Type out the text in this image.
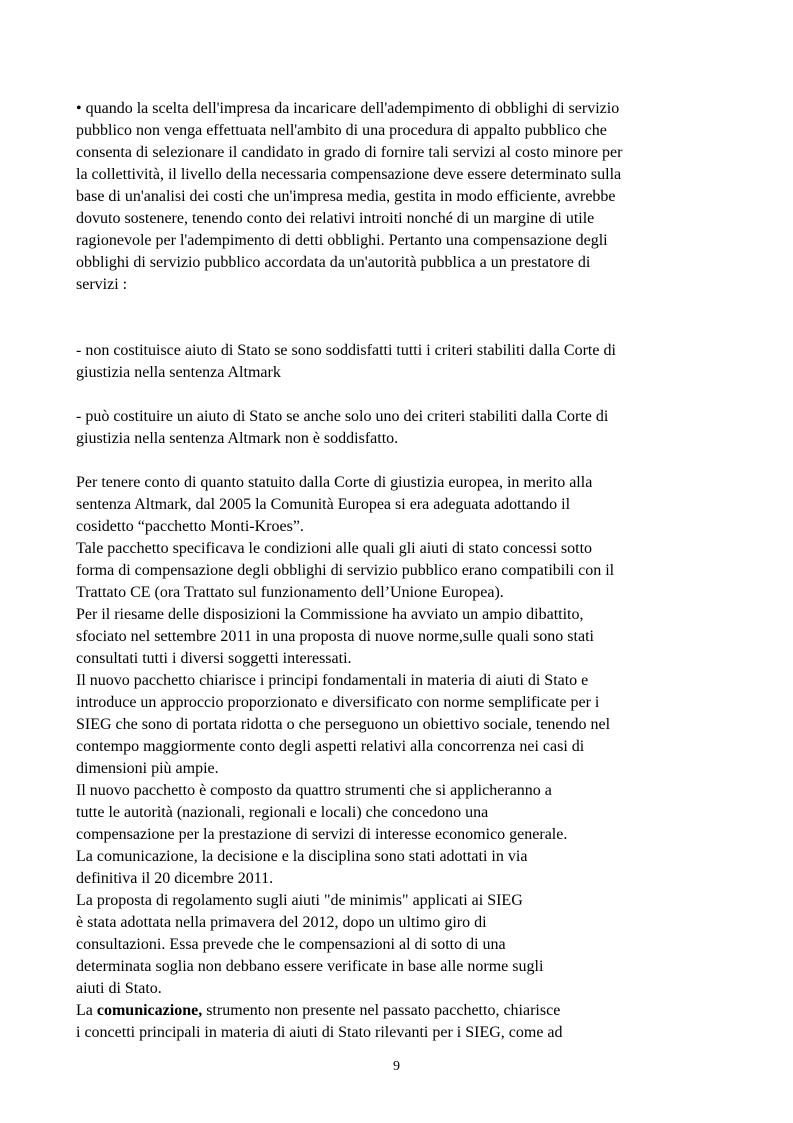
• quando la scelta dell'impresa da incaricare dell'adempimento di obblighi di servizio
pubblico non venga effettuata nell'ambito di una procedura di appalto pubblico che
consenta di selezionare il candidato in grado di fornire tali servizi al costo minore per
la collettività, il livello della necessaria compensazione deve essere determinato sulla
base di un'analisi dei costi che un'impresa media, gestita in modo efficiente, avrebbe
dovuto sostenere, tenendo conto dei relativi introiti nonché di un margine di utile
ragionevole per l'adempimento di detti obblighi. Pertanto una compensazione degli
obblighi di servizio pubblico accordata da un'autorità pubblica a un prestatore di
servizi :
- non costituisce aiuto di Stato se sono soddisfatti tutti i criteri stabiliti dalla Corte di
giustizia nella sentenza Altmark
- può costituire un aiuto di Stato se anche solo uno dei criteri stabiliti dalla Corte di
giustizia nella sentenza Altmark non è soddisfatto.
Per tenere conto di quanto statuito dalla Corte di giustizia europea, in merito alla
sentenza Altmark, dal 2005 la Comunità Europea si era adeguata adottando il
cosidetto “pacchetto Monti-Kroes”.
Tale pacchetto specificava le condizioni alle quali gli aiuti di stato concessi sotto
forma di compensazione degli obblighi di servizio pubblico erano compatibili con il
Trattato CE (ora Trattato sul funzionamento dell’Unione Europea).
Per il riesame delle disposizioni la Commissione ha avviato un ampio dibattito,
sfociato nel settembre 2011 in una proposta di nuove norme,sulle quali sono stati
consultati tutti i diversi soggetti interessati.
Il nuovo pacchetto chiarisce i principi fondamentali in materia di aiuti di Stato e
introduce un approccio proporzionato e diversificato con norme semplificate per i
SIEG che sono di portata ridotta o che perseguono un obiettivo sociale, tenendo nel
contempo maggiormente conto degli aspetti relativi alla concorrenza nei casi di
dimensioni più ampie.
Il nuovo pacchetto è composto da quattro strumenti che si applicheranno a
tutte le autorità (nazionali, regionali e locali) che concedono una
compensazione per la prestazione di servizi di interesse economico generale.
La comunicazione, la decisione e la disciplina sono stati adottati in via
definitiva il 20 dicembre 2011.
La proposta di regolamento sugli aiuti "de minimis" applicati ai SIEG
è stata adottata nella primavera del 2012, dopo un ultimo giro di
consultazioni. Essa prevede che le compensazioni al di sotto di una
determinata soglia non debbano essere verificate in base alle norme sugli
aiuti di Stato.
La comunicazione, strumento non presente nel passato pacchetto, chiarisce
i concetti principali in materia di aiuti di Stato rilevanti per i SIEG, come ad
9
